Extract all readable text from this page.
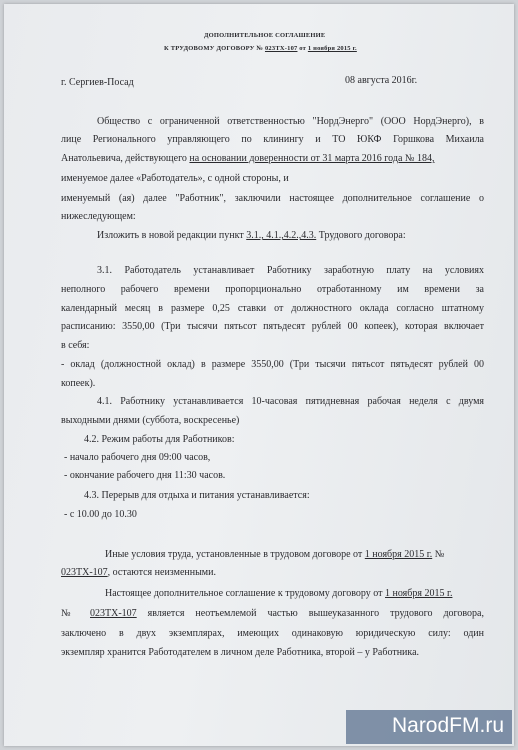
ДОПОЛНИТЕЛЬНОЕ СОГЛАШЕНИЕ
К ТРУДОВОМУ ДОГОВОРУ № 023ТХ-107 от 1 ноября 2015 г.
г. Сергиев-Посад	08 августа 2016г.
Общество с ограниченной ответственностью "НордЭнерго" (ООО НордЭнерго), в
лице Регионального управляющего по клинингу и ТО ЮКФ Горшкова Михаила
Анатольевича, действующего на основании доверенности от 31 марта 2016 года № 184,
именуемое далее «Работодатель», с одной стороны, и
именуемый (ая) далее "Работник", заключили настоящее дополнительное соглашение о
нижеследующем:
Изложить в новой редакции пункт 3.1., 4.1.,4.2.,4.3. Трудового договора:
3.1. Работодатель устанавливает Работнику заработную плату на условиях
неполного рабочего времени пропорционально отработанному им времени за
календарный месяц в размере 0,25 ставки от должностного оклада согласно штатному
расписанию: 3550,00 (Три тысячи пятьсот пятьдесят рублей 00 копеек), которая включает
в себя:
- оклад (должностной оклад) в размере 3550,00 (Три тысячи пятьсот пятьдесят рублей 00
копеек).
4.1. Работнику устанавливается 10-часовая пятидневная рабочая неделя с двумя
выходными днями (суббота, воскресенье)
4.2. Режим работы для Работников:
- начало рабочего дня 09:00 часов,
- окончание рабочего дня 11:30 часов.
4.3. Перерыв для отдыха и питания устанавливается:
- с 10.00 до 10.30
Иные условия труда, установленные в трудовом договоре от 1 ноября 2015 г. №
023ТХ-107, остаются неизменными.
Настоящее дополнительное соглашение к трудовому договору от 1 ноября 2015 г.
№ 023ТХ-107 является неотъемлемой частью вышеуказанного трудового договора,
заключено в двух экземплярах, имеющих одинаковую юридическую силу: один
экземпляр хранится Работодателем в личном деле Работника, второй – у Работника.
NarodFM.ru
